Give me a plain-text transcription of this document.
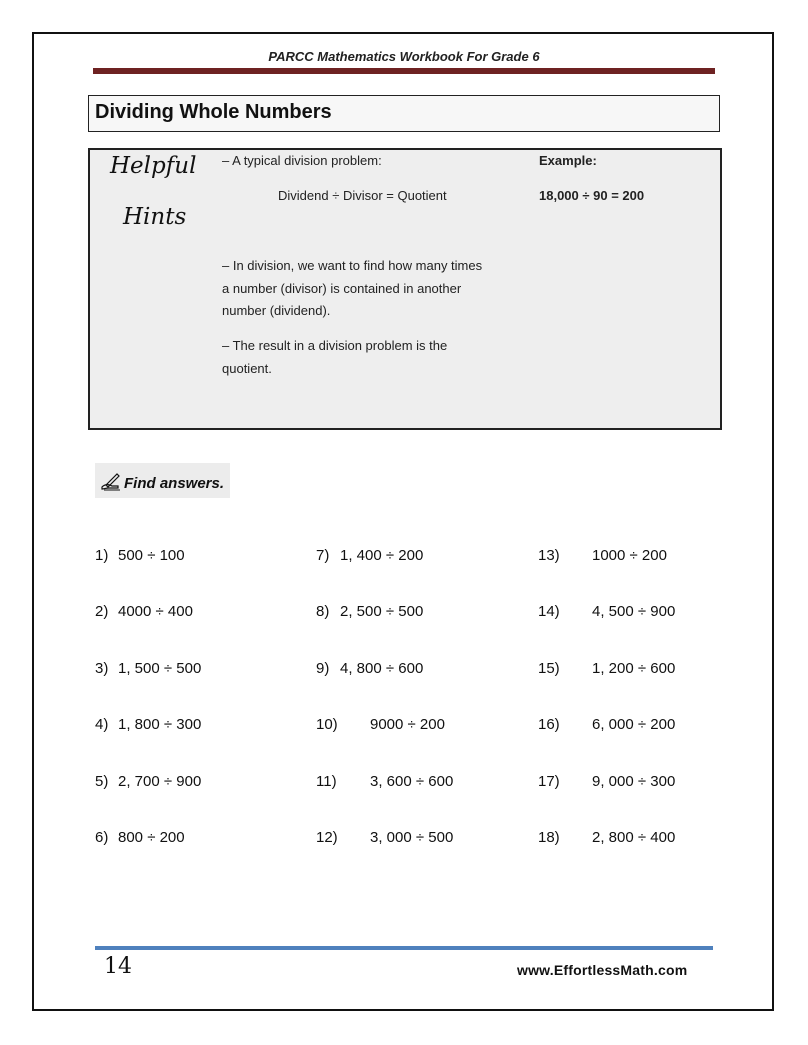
PARCC Mathematics Workbook For Grade 6
Dividing Whole Numbers
Helpful
Hints
– A typical division problem:
Dividend ÷ Divisor = Quotient
Example:
18,000 ÷ 90 = 200
– In division, we want to find how many times
a number (divisor) is contained in another
number (dividend).
– The result in a division problem is the
quotient.
Find answers.
1) 500 ÷ 100
2) 4000 ÷ 400
3) 1, 500 ÷ 500
4) 1, 800 ÷ 300
5) 2, 700 ÷ 900
6) 800 ÷ 200
7) 1, 400 ÷ 200
8) 2, 500 ÷ 500
9) 4, 800 ÷ 600
10) 9000 ÷ 200
11) 3, 600 ÷ 600
12) 3, 000 ÷ 500
13) 1000 ÷ 200
14) 4, 500 ÷ 900
15) 1, 200 ÷ 600
16) 6, 000 ÷ 200
17) 9, 000 ÷ 300
18) 2, 800 ÷ 400
14	www.EffortlessMath.com
